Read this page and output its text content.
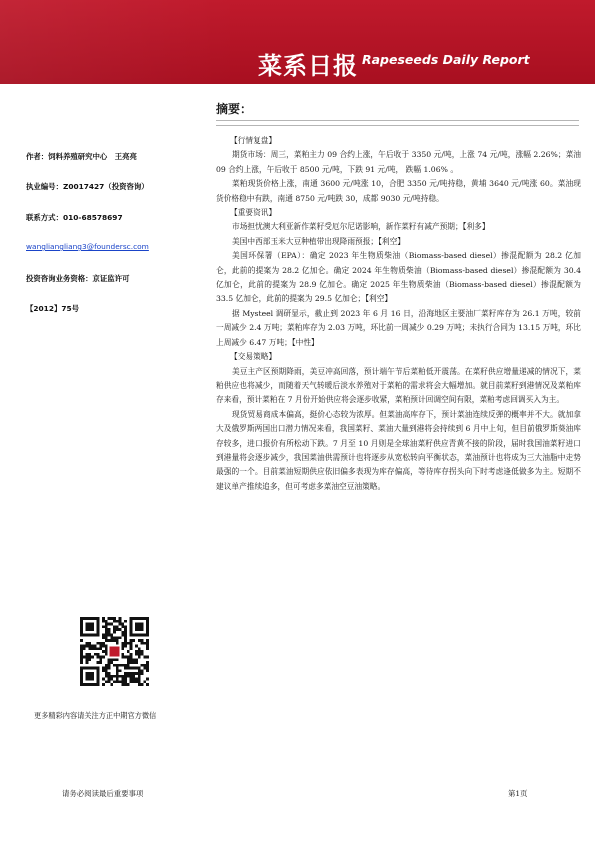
菜系日报 Rapeseeds Daily Report
作者：饲料养殖研究中心　王亮亮
执业编号：Z0017427（投资咨询）
联系方式：010-68578697
wangliangliang3@foundersc.com
投资咨询业务资格：京证监许可
【2012】75号
摘要：

【行情复盘】

期货市场：周三，菜粕主力 09 合约上涨，午后收于 3350 元/吨，上涨 74 元/吨，涨幅 2.26%；菜油 09 合约上涨，午后收于 8500 元/吨，下跌 91 元/吨， 跌幅 1.06% 。

菜粕现货价格上涨，南通 3600 元/吨涨 10，合肥 3350 元/吨持稳，黄埔 3640 元/吨涨 60。菜油现货价格稳中有跌，南通 8750 元/吨跌 30，成都 9030 元/吨持稳。

【重要资讯】

市场担忧澳大利亚新作菜籽受厄尔尼诺影响，新作菜籽有减产预期；【利多】

美国中西部玉米大豆种植带出现降雨预报；【利空】

美国环保署（EPA）：确定 2023 年生物质柴油（Biomass-based diesel）掺混配额为 28.2 亿加仑，此前的提案为 28.2 亿加仑。确定 2024 年生物质柴油（Biomass-based diesel）掺混配额为 30.4 亿加仑，此前的提案为 28.9 亿加仑。确定 2025 年生物质柴油（Biomass-based diesel）掺混配额为33.5 亿加仑，此前的提案为 29.5 亿加仑；【利空】

据 Mysteel 调研显示，截止到 2023 年 6 月 16 日，沿海地区主要油厂菜籽库存为 26.1 万吨，较前一周减少 2.4 万吨；菜粕库存为 2.03 万吨，环比前一周减少 0.29 万吨；未执行合同为 13.15 万吨，环比上周减少 6.47 万吨；【中性】

【交易策略】

美豆主产区预期降雨，美豆冲高回落，预计端午节后菜粕低开震荡。在菜籽供应增量递减的情况下，菜粕供应也将减少，而随着天气转暖后淡水养殖对于菜粕的需求将会大幅增加。就目前菜籽到港情况及菜粕库存来看，预计菜粕在 7 月份开始供应将会逐步收紧，菜粕预计回调空间有限，菜粕考虑回调买入为主。

现货贸易商成本偏高，挺价心态较为浓厚。但菜油高库存下，预计菜油连续反弹的概率并不大。就加拿大及俄罗斯两国出口潜力情况来看，我国菜籽、菜油大量到港将会持续到 6 月中上旬，但目前俄罗斯葵油库存较多，进口报价有所松动下跌。7 月至 10 月则是全球油菜籽供应青黄不接的阶段，届时我国油菜籽进口到港量将会逐步减少，我国菜油供需预计也将逐步从宽松转向平衡状态，菜油预计也将成为三大油脂中走势最强的一个。目前菜油短期供应依旧偏多表现为库存偏高，等待库存拐头向下时考虑逢低做多为主。短期不建议单产推续追多，但可考虑多菜油空豆油策略。

更多精彩内容请关注方正中期官方微信
请务必阅读最后重要事项	第1页
